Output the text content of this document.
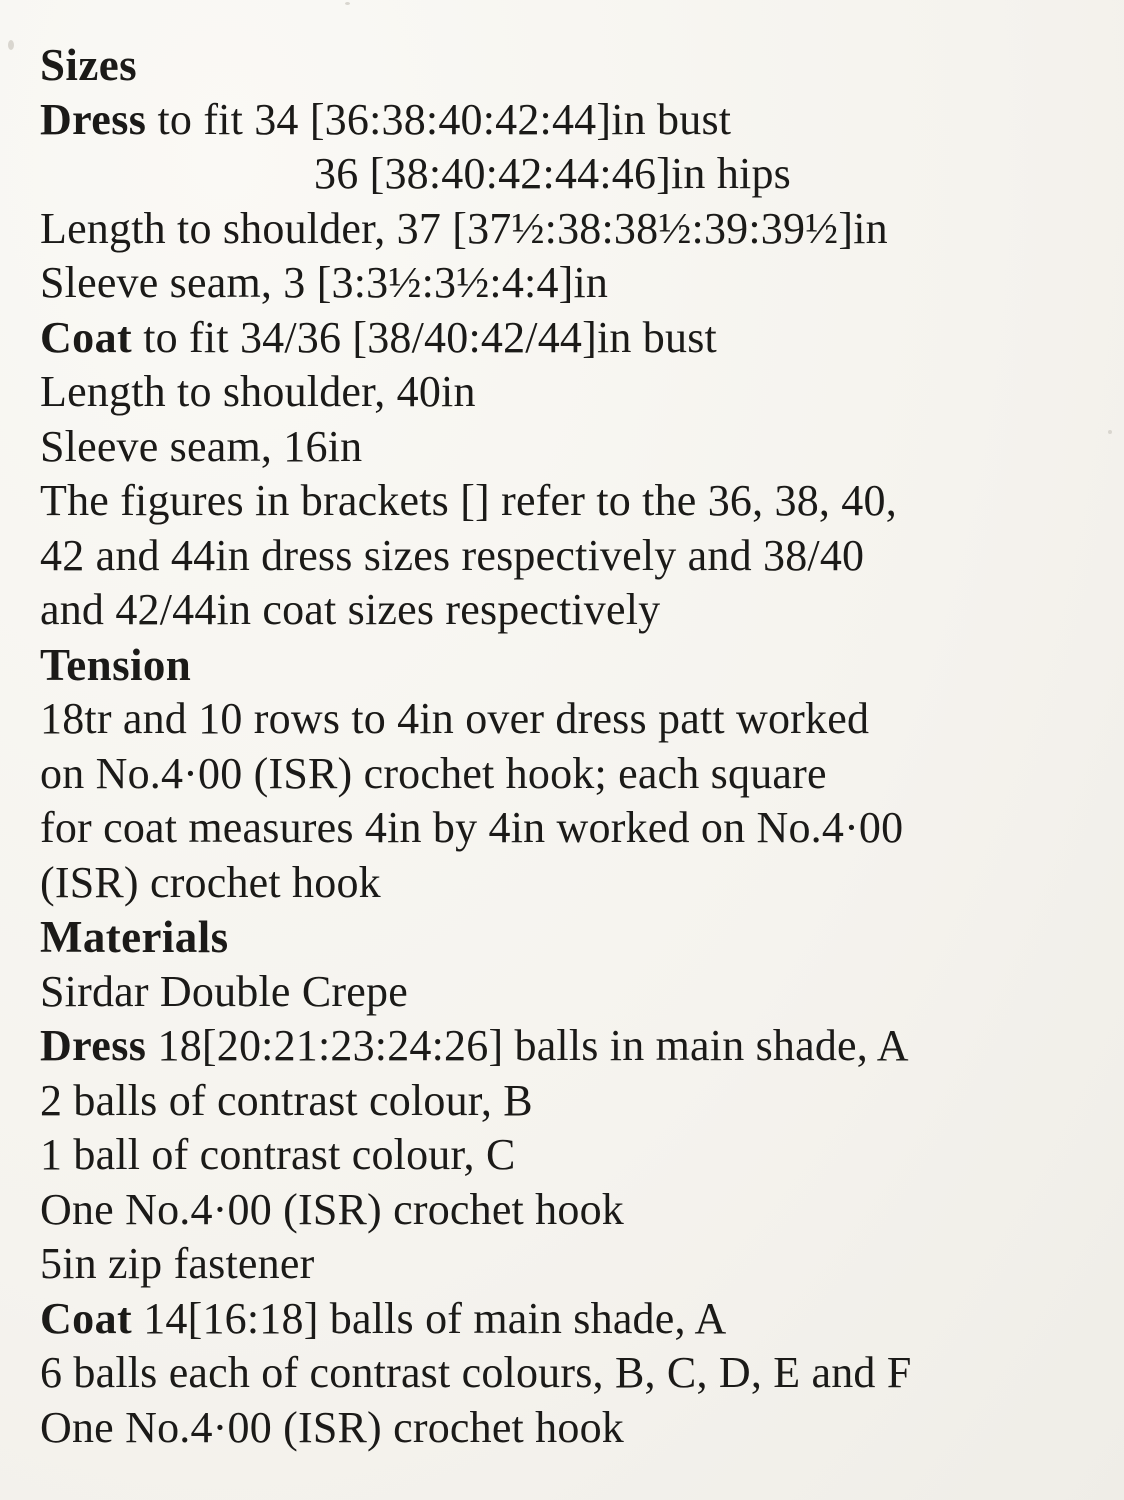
Sizes
Dress to fit 34 [36:38:40:42:44]in bust
36 [38:40:42:44:46]in hips
Length to shoulder, 37 [37½:38:38½:39:39½]in
Sleeve seam, 3 [3:3½:3½:4:4]in
Coat to fit 34/36 [38/40:42/44]in bust
Length to shoulder, 40in
Sleeve seam, 16in
The figures in brackets [] refer to the 36, 38, 40,
42 and 44in dress sizes respectively and 38/40
and 42/44in coat sizes respectively
Tension
18tr and 10 rows to 4in over dress patt worked
on No.4·00 (ISR) crochet hook; each square
for coat measures 4in by 4in worked on No.4·00
(ISR) crochet hook
Materials
Sirdar Double Crepe
Dress 18[20:21:23:24:26] balls in main shade, A
2 balls of contrast colour, B
1 ball of contrast colour, C
One No.4·00 (ISR) crochet hook
5in zip fastener
Coat 14[16:18] balls of main shade, A
6 balls each of contrast colours, B, C, D, E and F
One No.4·00 (ISR) crochet hook
